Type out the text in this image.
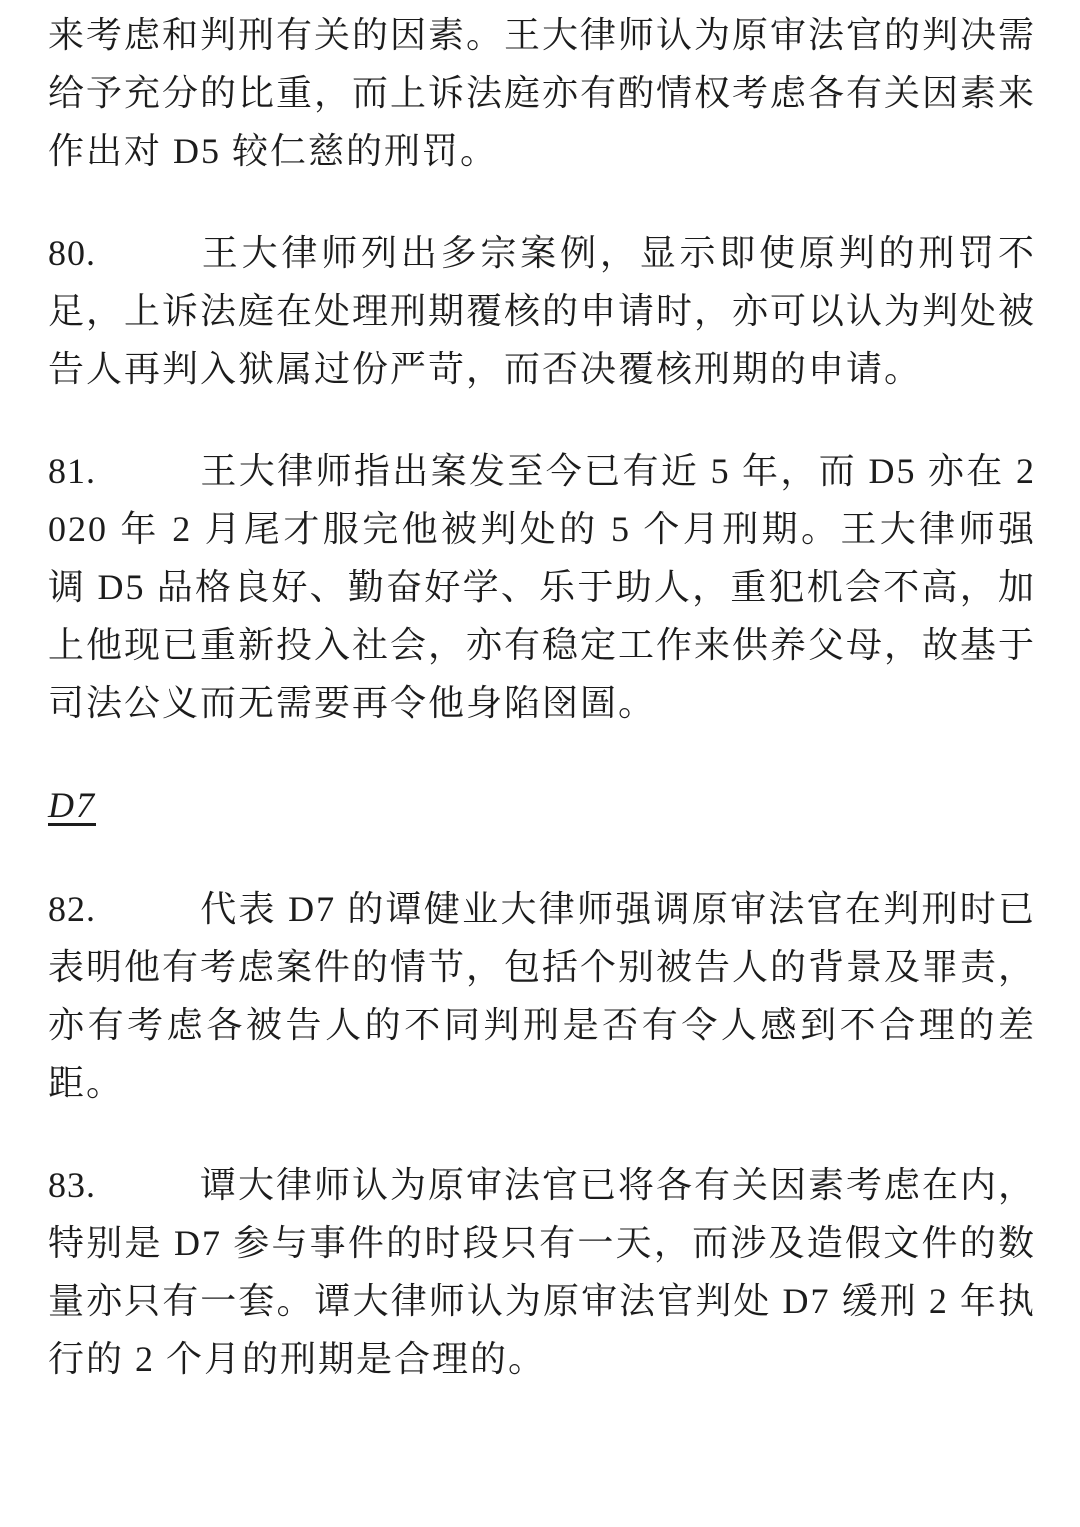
来考虑和判刑有关的因素。王大律师认为原审法官的判决需给予充分的比重，而上诉法庭亦有酌情权考虑各有关因素来作出对 D5 较仁慈的刑罚。

80.	王大律师列出多宗案例，显示即使原判的刑罚不足，上诉法庭在处理刑期覆核的申请时，亦可以认为判处被告人再判入狱属过份严苛，而否决覆核刑期的申请。

81.	王大律师指出案发至今已有近 5 年，而 D5 亦在 2020 年 2 月尾才服完他被判处的 5 个月刑期。王大律师强调 D5 品格良好、勤奋好学、乐于助人，重犯机会不高，加上他现已重新投入社会，亦有稳定工作来供养父母，故基于司法公义而无需要再令他身陷囹圄。

D7

82.	代表 D7 的谭健业大律师强调原审法官在判刑时已表明他有考虑案件的情节，包括个别被告人的背景及罪责，亦有考虑各被告人的不同判刑是否有令人感到不合理的差距。

83.	谭大律师认为原审法官已将各有关因素考虑在内，特别是 D7 参与事件的时段只有一天，而涉及造假文件的数量亦只有一套。谭大律师认为原审法官判处 D7 缓刑 2 年执行的 2 个月的刑期是合理的。
